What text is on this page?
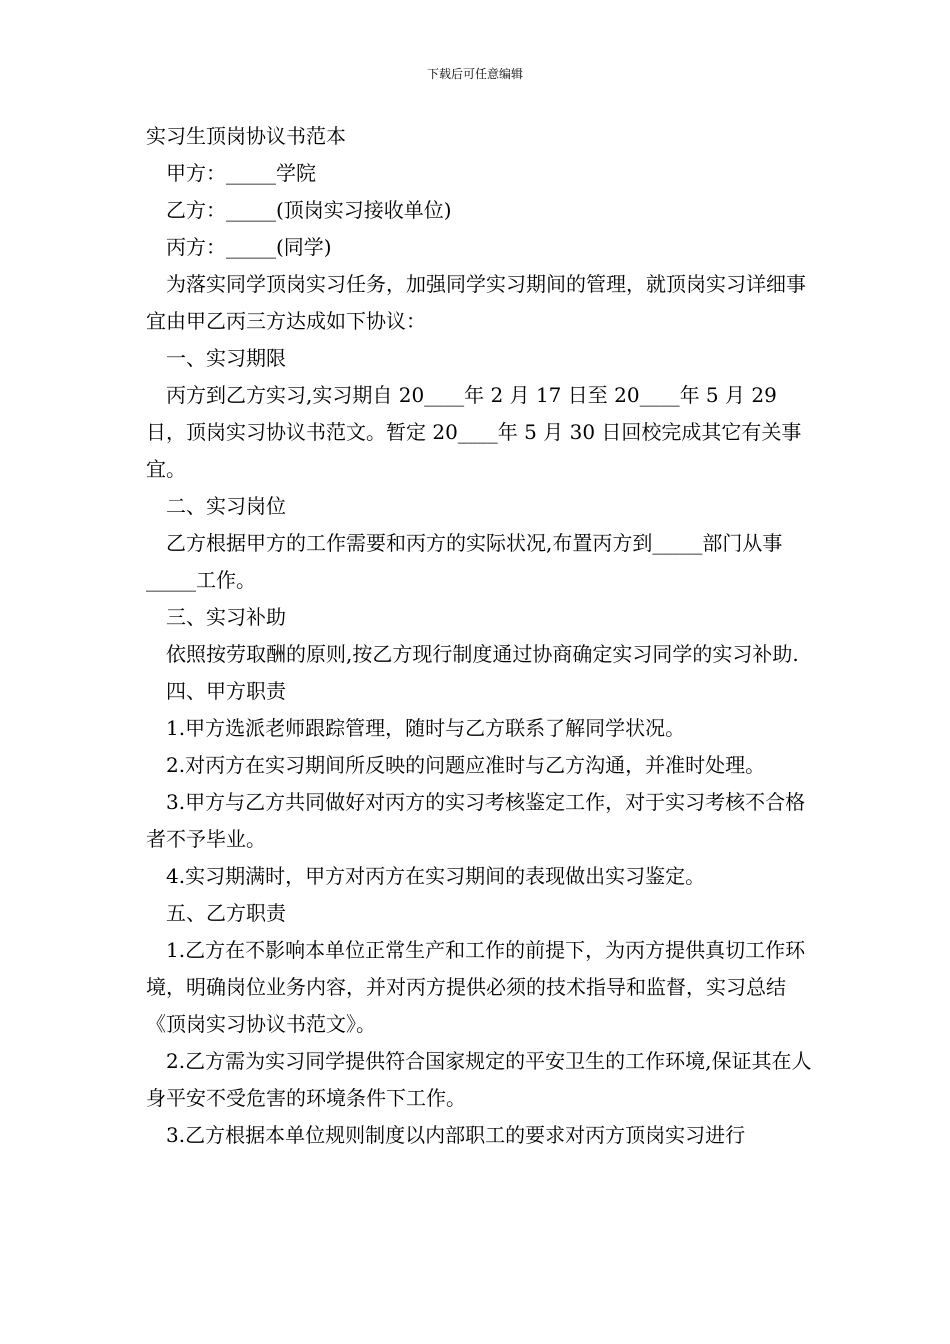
下载后可任意编辑
实习生顶岗协议书范本

甲方：_____学院

乙方：_____(顶岗实习接收单位)

丙方：_____(同学)

为落实同学顶岗实习任务，加强同学实习期间的管理，就顶岗实习详细事宜由甲乙丙三方达成如下协议：

一、实习期限

丙方到乙方实习,实习期自 20____年 2 月 17 日至 20____年 5 月 29 日，顶岗实习协议书范文。暂定 20____年 5 月 30 日回校完成其它有关事宜。

二、实习岗位

乙方根据甲方的工作需要和丙方的实际状况,布置丙方到_____部门从事_____工作。

三、实习补助

依照按劳取酬的原则,按乙方现行制度通过协商确定实习同学的实习补助.

四、甲方职责

1.甲方选派老师跟踪管理，随时与乙方联系了解同学状况。

2.对丙方在实习期间所反映的问题应准时与乙方沟通，并准时处理。

3.甲方与乙方共同做好对丙方的实习考核鉴定工作，对于实习考核不合格者不予毕业。

4.实习期满时，甲方对丙方在实习期间的表现做出实习鉴定。

五、乙方职责

1.乙方在不影响本单位正常生产和工作的前提下，为丙方提供真切工作环境，明确岗位业务内容，并对丙方提供必须的技术指导和监督，实习总结《顶岗实习协议书范文》。

2.乙方需为实习同学提供符合国家规定的平安卫生的工作环境,保证其在人身平安不受危害的环境条件下工作。

3.乙方根据本单位规则制度以内部职工的要求对丙方顶岗实习进行
